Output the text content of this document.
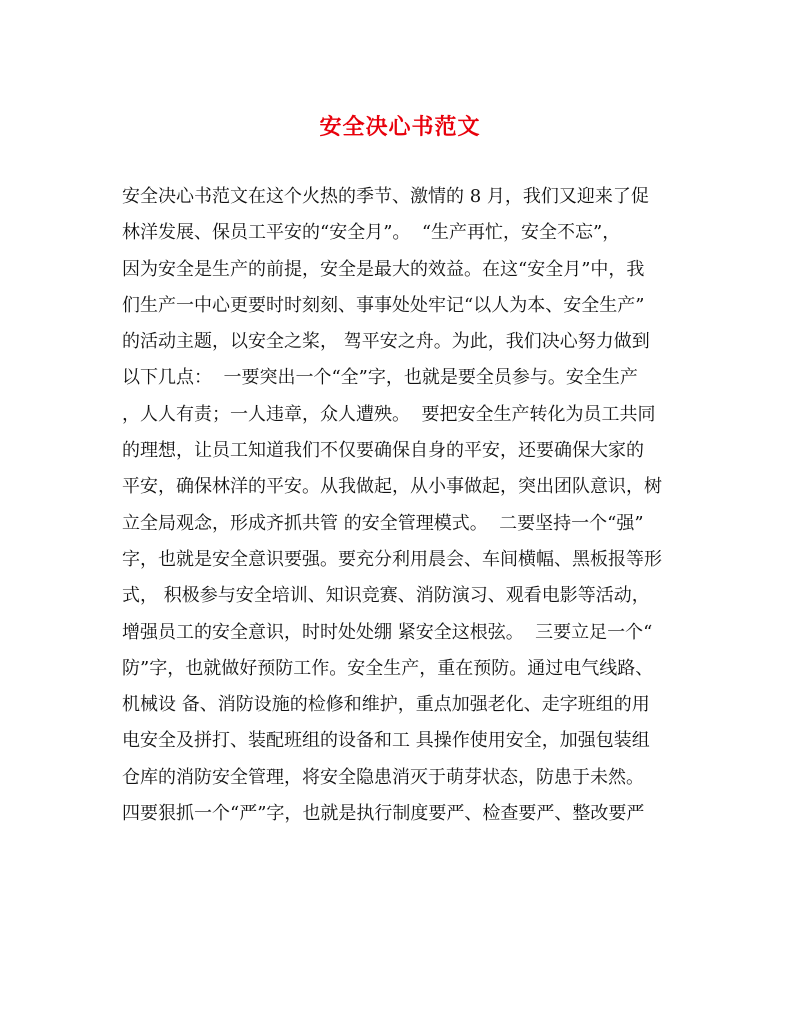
安全决心书范文
安全决心书范文在这个火热的季节、激情的 8 月，我们又迎来了促
林洋发展、保员工平安的“安全月”。  “生产再忙，安全不忘”，
因为安全是生产的前提，安全是最大的效益。在这“安全月”中，我
们生产一中心更要时时刻刻、事事处处牢记“以人为本、安全生产”
的活动主题，以安全之桨， 驾平安之舟。为此，我们决心努力做到
以下几点：  一要突出一个“全”字，也就是要全员参与。安全生产
，人人有责；一人违章，众人遭殃。  要把安全生产转化为员工共同
的理想，让员工知道我们不仅要确保自身的平安，还要确保大家的
平安，确保林洋的平安。从我做起，从小事做起，突出团队意识，树
立全局观念，形成齐抓共管 的安全管理模式。  二要坚持一个“强”
字，也就是安全意识要强。要充分利用晨会、车间横幅、黑板报等形
式， 积极参与安全培训、知识竞赛、消防演习、观看电影等活动，
增强员工的安全意识，时时处处绷 紧安全这根弦。  三要立足一个“
防”字，也就做好预防工作。安全生产，重在预防。通过电气线路、
机械设 备、消防设施的检修和维护，重点加强老化、走字班组的用
电安全及拼打、装配班组的设备和工 具操作使用安全，加强包装组
仓库的消防安全管理，将安全隐患消灭于萌芽状态，防患于未然。
四要狠抓一个“严”字，也就是执行制度要严、检查要严、整改要严
